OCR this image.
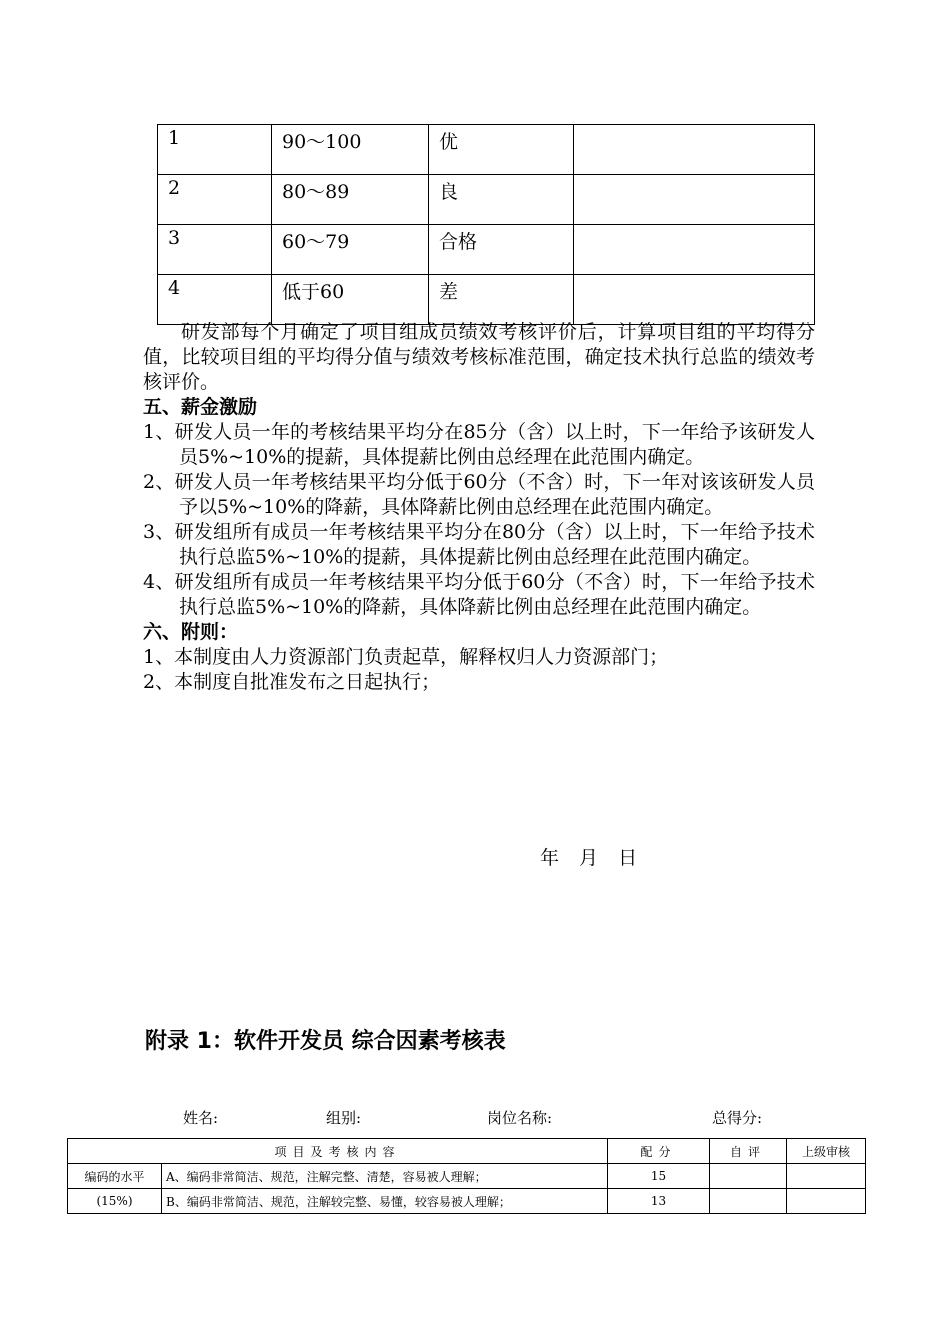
1	90～100	优	
2	80～89	良	
3	60～79	合格	
4	低于60	差	

研发部每个月确定了项目组成员绩效考核评价后，计算项目组的平均得分值，比较项目组的平均得分值与绩效考核标准范围，确定技术执行总监的绩效考核评价。

五、薪金激励

1、研发人员一年的考核结果平均分在85分（含）以上时，下一年给予该研发人员5%~10%的提薪，具体提薪比例由总经理在此范围内确定。

2、研发人员一年考核结果平均分低于60分（不含）时，下一年对该该研发人员予以5%~10%的降薪，具体降薪比例由总经理在此范围内确定。

3、研发组所有成员一年考核结果平均分在80分（含）以上时，下一年给予技术执行总监5%~10%的提薪，具体提薪比例由总经理在此范围内确定。

4、研发组所有成员一年考核结果平均分低于60分（不含）时，下一年给予技术执行总监5%~10%的降薪，具体降薪比例由总经理在此范围内确定。

六、附则：

1、本制度由人力资源部门负责起草，解释权归人力资源部门；

2、本制度自批准发布之日起执行；

年 月 日
附录 1：软件开发员 综合因素考核表
姓名:	组别:	岗位名称:	总得分:
项目及考核内容		配分	自评	上级审核
编码的水平	A、编码非常简洁、规范，注解完整、清楚，容易被人理解；	15		
(15%)	B、编码非常简洁、规范，注解较完整、易懂，较容易被人理解；	13		
